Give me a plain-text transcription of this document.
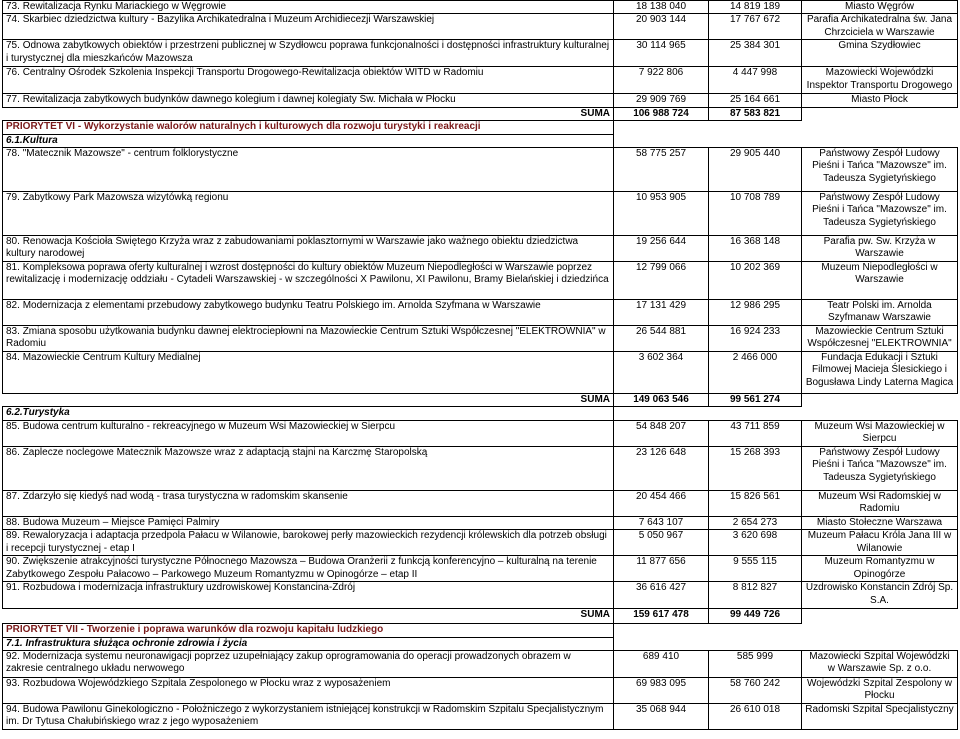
73. Rewitalizacja Rynku Mariackiego w Węgrowie	18 138 040	14 819 189	Miasto Węgrów
74. Skarbiec dziedzictwa kultury - Bazylika Archikatedralna i Muzeum Archidiecezji Warszawskiej	20 903 144	17 767 672	Parafia Archikatedralna św. Jana Chrzciciela w Warszawie
75. Odnowa zabytkowych obiektów i przestrzeni publicznej w Szydłowcu poprawa funkcjonalności i dostępności infrastruktury kulturalnej i turystycznej dla mieszkańców Mazowsza	30 114 965	25 384 301	Gmina Szydłowiec
76. Centralny Ośrodek Szkolenia Inspekcji Transportu Drogowego-Rewitalizacja obiektów WITD w Radomiu	7 922 806	4 447 998	Mazowiecki Wojewódzki Inspektor Transportu Drogowego
77. Rewitalizacja zabytkowych budynków dawnego kolegium i dawnej kolegiaty Św. Michała w Płocku	29 909 769	25 164 661	Miasto Płock
SUMA	106 988 724	87 583 821	
PRIORYTET VI - Wykorzystanie walorów naturalnych i kulturowych dla rozwoju turystyki i reakreacji			
6.1.Kultura			
78. "Matecznik Mazowsze" - centrum folklorystyczne	58 775 257	29 905 440	Państwowy Zespół Ludowy Pieśni i Tańca "Mazowsze" im. Tadeusza Sygietyńskiego
79. Zabytkowy Park Mazowsza wizytówką regionu	10 953 905	10 708 789	Państwowy Zespół Ludowy Pieśni i Tańca "Mazowsze" im. Tadeusza Sygietyńskiego
80. Renowacja Kościoła Świętego Krzyża wraz z zabudowaniami poklasztornymi w Warszawie jako ważnego obiektu dziedzictwa kultury narodowej	19 256 644	16 368 148	Parafia pw. Św. Krzyża w Warszawie
81. Kompleksowa poprawa oferty kulturalnej i wzrost dostępności do kultury obiektów Muzeum Niepodległości w Warszawie poprzez rewitalizację i modernizację oddziału - Cytadeli Warszawskiej - w szczególności X Pawilonu, XI Pawilonu, Bramy Bielańskiej i dziedzińca	12 799 066	10 202 369	Muzeum Niepodległości w Warszawie
82. Modernizacja z elementami przebudowy zabytkowego budynku Teatru Polskiego im. Arnolda Szyfmana w Warszawie	17 131 429	12 986 295	Teatr Polski im. Arnolda Szyfmanaw Warszawie
83. Zmiana sposobu użytkowania budynku dawnej elektrociepłowni na Mazowieckie Centrum Sztuki Współczesnej "ELEKTROWNIA" w Radomiu	26 544 881	16 924 233	Mazowieckie Centrum Sztuki Współczesnej "ELEKTROWNIA"
84. Mazowieckie Centrum Kultury Medialnej	3 602 364	2 466 000	Fundacja Edukacji i Sztuki Filmowej Macieja Ślesickiego i Bogusława Lindy Laterna Magica
SUMA	149 063 546	99 561 274	
6.2.Turystyka			
85. Budowa centrum kulturalno - rekreacyjnego w Muzeum Wsi Mazowieckiej w Sierpcu	54 848 207	43 711 859	Muzeum Wsi Mazowieckiej w Sierpcu
86. Zaplecze noclegowe Matecznik Mazowsze wraz z adaptacją stajni na Karczmę Staropolską	23 126 648	15 268 393	Państwowy Zespół Ludowy Pieśni i Tańca "Mazowsze" im. Tadeusza Sygietyńskiego
87. Zdarzyło się kiedyś nad wodą - trasa turystyczna w radomskim skansenie	20 454 466	15 826 561	Muzeum Wsi Radomskiej w Radomiu
88. Budowa Muzeum – Miejsce Pamięci Palmiry	7 643 107	2 654 273	Miasto Stołeczne Warszawa
89. Rewaloryzacja i adaptacja przedpola Pałacu w Wilanowie, barokowej perły mazowieckich rezydencji królewskich dla potrzeb obsługi i recepcji turystycznej - etap I	5 050 967	3 620 698	Muzeum Pałacu Króla Jana III w Wilanowie
90. Zwiększenie atrakcyjności turystyczne Północnego Mazowsza – Budowa Oranżerii z funkcją konferencyjno – kulturalną na terenie Zabytkowego Zespołu Pałacowo – Parkowego Muzeum Romantyzmu w Opinogórze – etap II	11 877 656	9 555 115	Muzeum Romantyzmu w Opinogórze
91. Rozbudowa i modernizacja infrastruktury uzdrowiskowej Konstancina-Zdrój	36 616 427	8 812 827	Uzdrowisko Konstancin Zdrój Sp. S.A.
SUMA	159 617 478	99 449 726	
PRIORYTET VII - Tworzenie i poprawa warunków dla rozwoju kapitału ludzkiego			
7.1. Infrastruktura służąca ochronie zdrowia i życia			
92. Modernizacja systemu neuronawigacji poprzez uzupełniający zakup oprogramowania do operacji prowadzonych obrazem w zakresie centralnego układu nerwowego	689 410	585 999	Mazowiecki Szpital Wojewódzki w Warszawie Sp. z o.o.
93. Rozbudowa Wojewódzkiego Szpitala Zespolonego w Płocku wraz z wyposażeniem	69 983 095	58 760 242	Wojewódzki Szpital Zespolony w Płocku
94. Budowa Pawilonu Ginekologiczno - Położniczego z wykorzystaniem istniejącej konstrukcji w Radomskim Szpitalu Specjalistycznym im. Dr Tytusa Chałubińskiego wraz z jego wyposażeniem	35 068 944	26 610 018	Radomski Szpital Specjalistyczny
